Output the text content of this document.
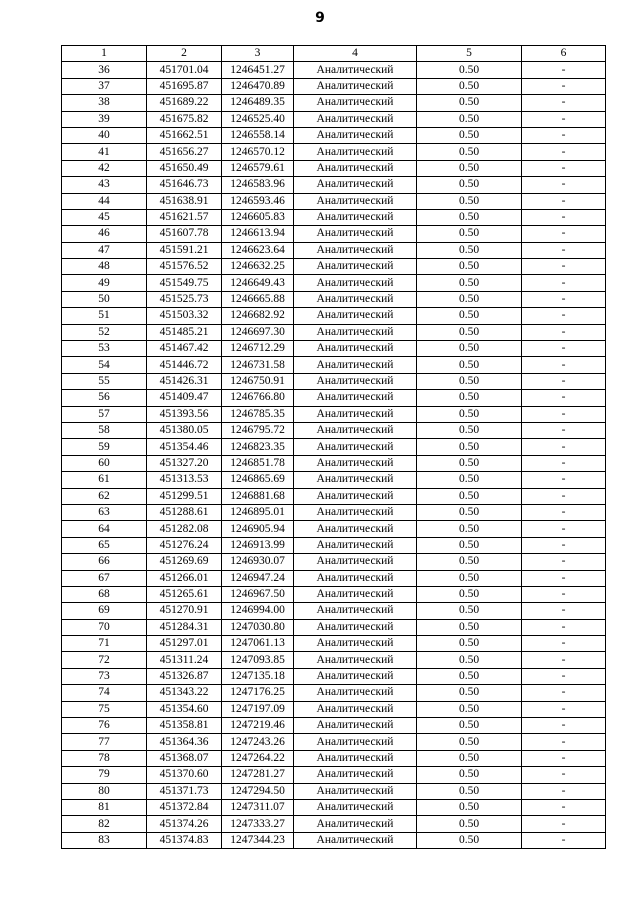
9
1	2	3	4	5	6
36	451701.04	1246451.27	Аналитический	0.50	-
37	451695.87	1246470.89	Аналитический	0.50	-
38	451689.22	1246489.35	Аналитический	0.50	-
39	451675.82	1246525.40	Аналитический	0.50	-
40	451662.51	1246558.14	Аналитический	0.50	-
41	451656.27	1246570.12	Аналитический	0.50	-
42	451650.49	1246579.61	Аналитический	0.50	-
43	451646.73	1246583.96	Аналитический	0.50	-
44	451638.91	1246593.46	Аналитический	0.50	-
45	451621.57	1246605.83	Аналитический	0.50	-
46	451607.78	1246613.94	Аналитический	0.50	-
47	451591.21	1246623.64	Аналитический	0.50	-
48	451576.52	1246632.25	Аналитический	0.50	-
49	451549.75	1246649.43	Аналитический	0.50	-
50	451525.73	1246665.88	Аналитический	0.50	-
51	451503.32	1246682.92	Аналитический	0.50	-
52	451485.21	1246697.30	Аналитический	0.50	-
53	451467.42	1246712.29	Аналитический	0.50	-
54	451446.72	1246731.58	Аналитический	0.50	-
55	451426.31	1246750.91	Аналитический	0.50	-
56	451409.47	1246766.80	Аналитический	0.50	-
57	451393.56	1246785.35	Аналитический	0.50	-
58	451380.05	1246795.72	Аналитический	0.50	-
59	451354.46	1246823.35	Аналитический	0.50	-
60	451327.20	1246851.78	Аналитический	0.50	-
61	451313.53	1246865.69	Аналитический	0.50	-
62	451299.51	1246881.68	Аналитический	0.50	-
63	451288.61	1246895.01	Аналитический	0.50	-
64	451282.08	1246905.94	Аналитический	0.50	-
65	451276.24	1246913.99	Аналитический	0.50	-
66	451269.69	1246930.07	Аналитический	0.50	-
67	451266.01	1246947.24	Аналитический	0.50	-
68	451265.61	1246967.50	Аналитический	0.50	-
69	451270.91	1246994.00	Аналитический	0.50	-
70	451284.31	1247030.80	Аналитический	0.50	-
71	451297.01	1247061.13	Аналитический	0.50	-
72	451311.24	1247093.85	Аналитический	0.50	-
73	451326.87	1247135.18	Аналитический	0.50	-
74	451343.22	1247176.25	Аналитический	0.50	-
75	451354.60	1247197.09	Аналитический	0.50	-
76	451358.81	1247219.46	Аналитический	0.50	-
77	451364.36	1247243.26	Аналитический	0.50	-
78	451368.07	1247264.22	Аналитический	0.50	-
79	451370.60	1247281.27	Аналитический	0.50	-
80	451371.73	1247294.50	Аналитический	0.50	-
81	451372.84	1247311.07	Аналитический	0.50	-
82	451374.26	1247333.27	Аналитический	0.50	-
83	451374.83	1247344.23	Аналитический	0.50	-
